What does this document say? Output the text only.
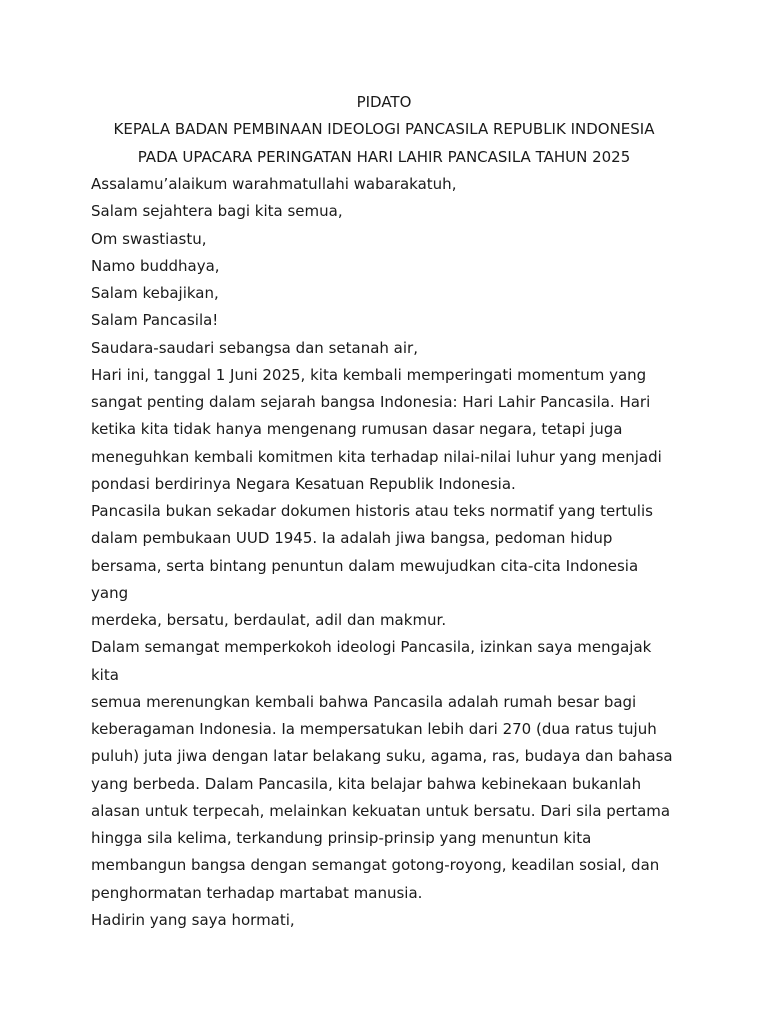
PIDATO
KEPALA BADAN PEMBINAAN IDEOLOGI PANCASILA REPUBLIK INDONESIA
PADA UPACARA PERINGATAN HARI LAHIR PANCASILA TAHUN 2025
Assalamu’alaikum warahmatullahi wabarakatuh,
Salam sejahtera bagi kita semua,
Om swastiastu,
Namo buddhaya,
Salam kebajikan,
Salam Pancasila!
Saudara-saudari sebangsa dan setanah air,
Hari ini, tanggal 1 Juni 2025, kita kembali memperingati momentum yang
sangat penting dalam sejarah bangsa Indonesia: Hari Lahir Pancasila. Hari
ketika kita tidak hanya mengenang rumusan dasar negara, tetapi juga
meneguhkan kembali komitmen kita terhadap nilai-nilai luhur yang menjadi
pondasi berdirinya Negara Kesatuan Republik Indonesia.
Pancasila bukan sekadar dokumen historis atau teks normatif yang tertulis
dalam pembukaan UUD 1945. Ia adalah jiwa bangsa, pedoman hidup
bersama, serta bintang penuntun dalam mewujudkan cita-cita Indonesia
yang
merdeka, bersatu, berdaulat, adil dan makmur.
Dalam semangat memperkokoh ideologi Pancasila, izinkan saya mengajak
kita
semua merenungkan kembali bahwa Pancasila adalah rumah besar bagi
keberagaman Indonesia. Ia mempersatukan lebih dari 270 (dua ratus tujuh
puluh) juta jiwa dengan latar belakang suku, agama, ras, budaya dan bahasa
yang berbeda. Dalam Pancasila, kita belajar bahwa kebinekaan bukanlah
alasan untuk terpecah, melainkan kekuatan untuk bersatu. Dari sila pertama
hingga sila kelima, terkandung prinsip-prinsip yang menuntun kita
membangun bangsa dengan semangat gotong-royong, keadilan sosial, dan
penghormatan terhadap martabat manusia.
Hadirin yang saya hormati,
